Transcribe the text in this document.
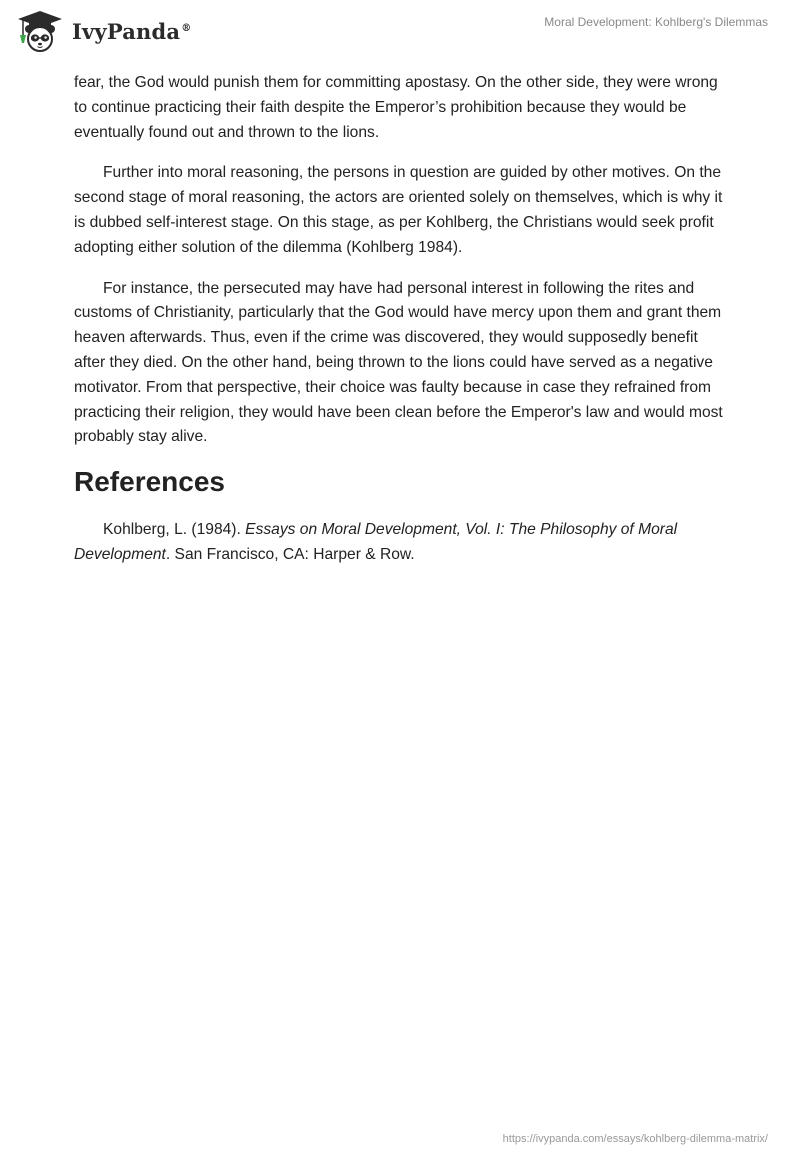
IvyPanda®	Moral Development: Kohlberg's Dilemmas

fear, the God would punish them for committing apostasy. On the other side, they were wrong to continue practicing their faith despite the Emperor’s prohibition because they would be eventually found out and thrown to the lions.

Further into moral reasoning, the persons in question are guided by other motives. On the second stage of moral reasoning, the actors are oriented solely on themselves, which is why it is dubbed self-interest stage. On this stage, as per Kohlberg, the Christians would seek profit adopting either solution of the dilemma (Kohlberg 1984).

For instance, the persecuted may have had personal interest in following the rites and customs of Christianity, particularly that the God would have mercy upon them and grant them heaven afterwards. Thus, even if the crime was discovered, they would supposedly benefit after they died. On the other hand, being thrown to the lions could have served as a negative motivator. From that perspective, their choice was faulty because in case they refrained from practicing their religion, they would have been clean before the Emperor's law and would most probably stay alive.

References

Kohlberg, L. (1984). Essays on Moral Development, Vol. I: The Philosophy of Moral Development. San Francisco, CA: Harper & Row.

https://ivypanda.com/essays/kohlberg-dilemma-matrix/
